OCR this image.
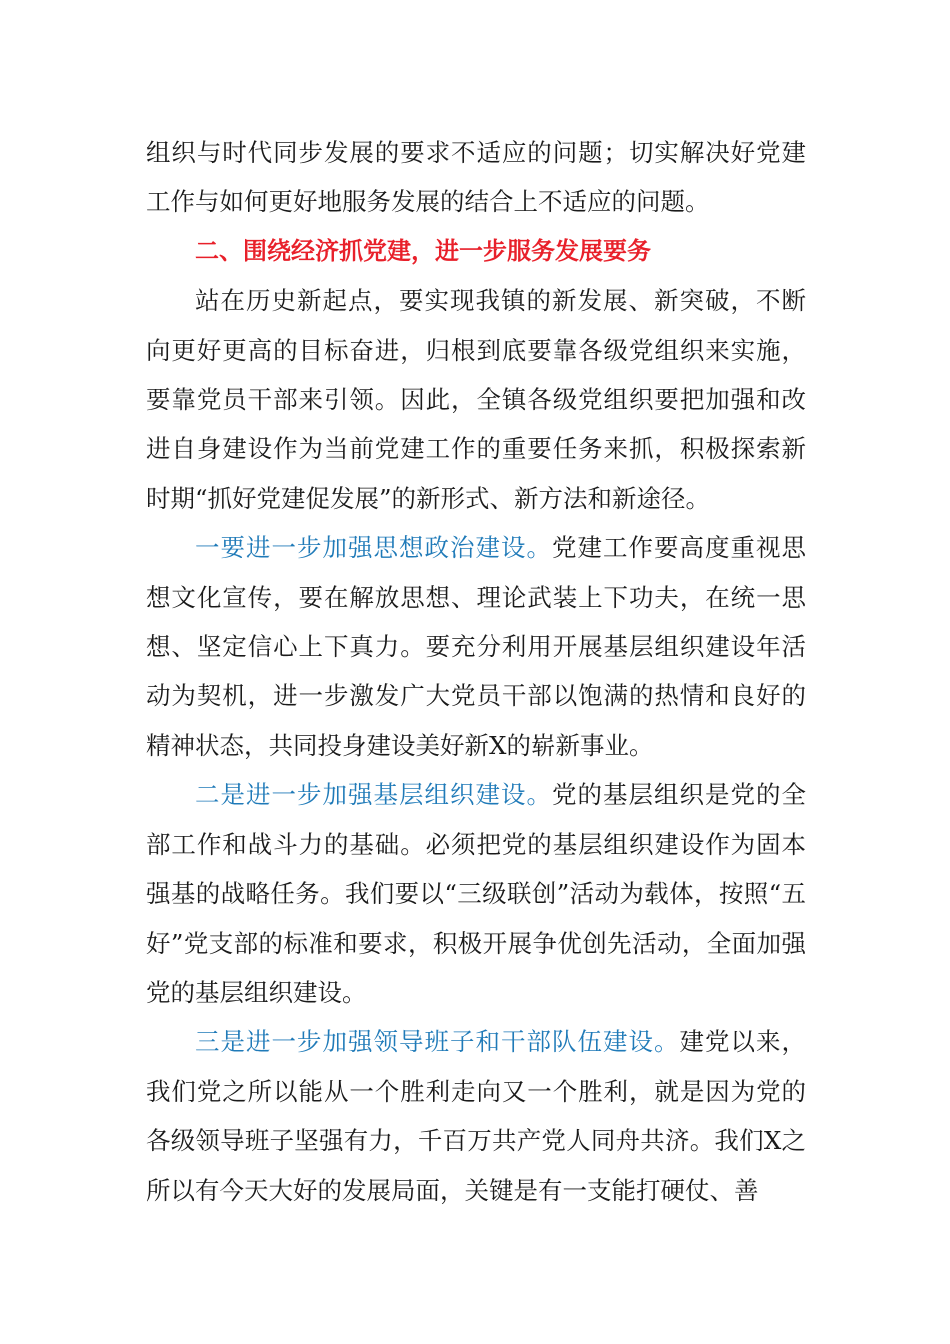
组织与时代同步发展的要求不适应的问题；切实解决好党建工作与如何更好地服务发展的结合上不适应的问题。

二、围绕经济抓党建，进一步服务发展要务

站在历史新起点，要实现我镇的新发展、新突破，不断向更好更高的目标奋进，归根到底要靠各级党组织来实施，要靠党员干部来引领。因此，全镇各级党组织要把加强和改进自身建设作为当前党建工作的重要任务来抓，积极探索新时期“抓好党建促发展”的新形式、新方法和新途径。

一要进一步加强思想政治建设。党建工作要高度重视思想文化宣传，要在解放思想、理论武装上下功夫，在统一思想、坚定信心上下真力。要充分利用开展基层组织建设年活动为契机，进一步激发广大党员干部以饱满的热情和良好的精神状态，共同投身建设美好新X的崭新事业。

二是进一步加强基层组织建设。党的基层组织是党的全部工作和战斗力的基础。必须把党的基层组织建设作为固本强基的战略任务。我们要以“三级联创”活动为载体，按照“五好”党支部的标准和要求，积极开展争优创先活动，全面加强党的基层组织建设。

三是进一步加强领导班子和干部队伍建设。建党以来，我们党之所以能从一个胜利走向又一个胜利，就是因为党的各级领导班子坚强有力，千百万共产党人同舟共济。我们X之所以有今天大好的发展局面，关键是有一支能打硬仗、善
